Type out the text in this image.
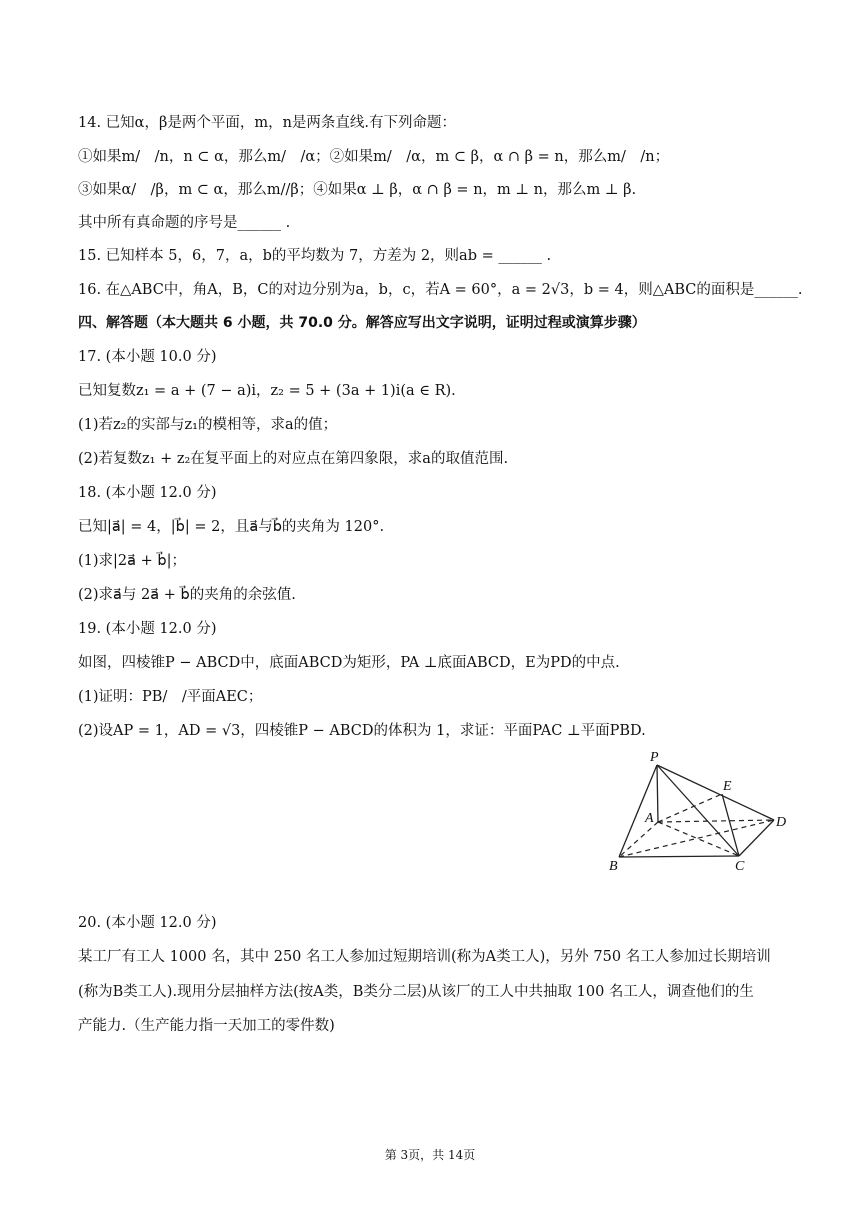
14. 已知α，β是两个平面，m，n是两条直线.有下列命题：
①如果m/　/n，n ⊂ α，那么m/　/α；②如果m/　/α，m ⊂ β，α ∩ β = n，那么m/　/n；
③如果α/　/β，m ⊂ α，那么m//β；④如果α ⊥ β，α ∩ β = n，m ⊥ n，那么m ⊥ β.
其中所有真命题的序号是______ .
15. 已知样本 5，6，7，a，b的平均数为 7，方差为 2，则ab = ______ .
16. 在△ABC中，角A，B，C的对边分别为a，b，c，若A = 60°，a = 2√3，b = 4，则△ABC的面积是______.
四、解答题（本大题共 6 小题，共 70.0 分。解答应写出文字说明，证明过程或演算步骤）
17. (本小题 10.0 分)
已知复数z₁ = a + (7 − a)i，z₂ = 5 + (3a + 1)i(a ∈ R).
(1)若z₂的实部与z₁的模相等，求a的值；
(2)若复数z₁ + z₂在复平面上的对应点在第四象限，求a的取值范围.
18. (本小题 12.0 分)
已知|a⃗| = 4，|b⃗| = 2，且a⃗与b⃗的夹角为 120°.
(1)求|2a⃗ + b⃗|；
(2)求a⃗与 2a⃗ + b⃗的夹角的余弦值.
19. (本小题 12.0 分)
如图，四棱锥P − ABCD中，底面ABCD为矩形，PA ⊥底面ABCD，E为PD的中点.
(1)证明：PB/　/平面AEC；
(2)设AP = 1，AD = √3，四棱锥P − ABCD的体积为 1，求证：平面PAC ⊥平面PBD.
P
E
A	D
B	C
20. (本小题 12.0 分)
某工厂有工人 1000 名，其中 250 名工人参加过短期培训(称为A类工人)，另外 750 名工人参加过长期培训
(称为B类工人).现用分层抽样方法(按A类，B类分二层)从该厂的工人中共抽取 100 名工人，调查他们的生
产能力.（生产能力指一天加工的零件数)
第 3页，共 14页
